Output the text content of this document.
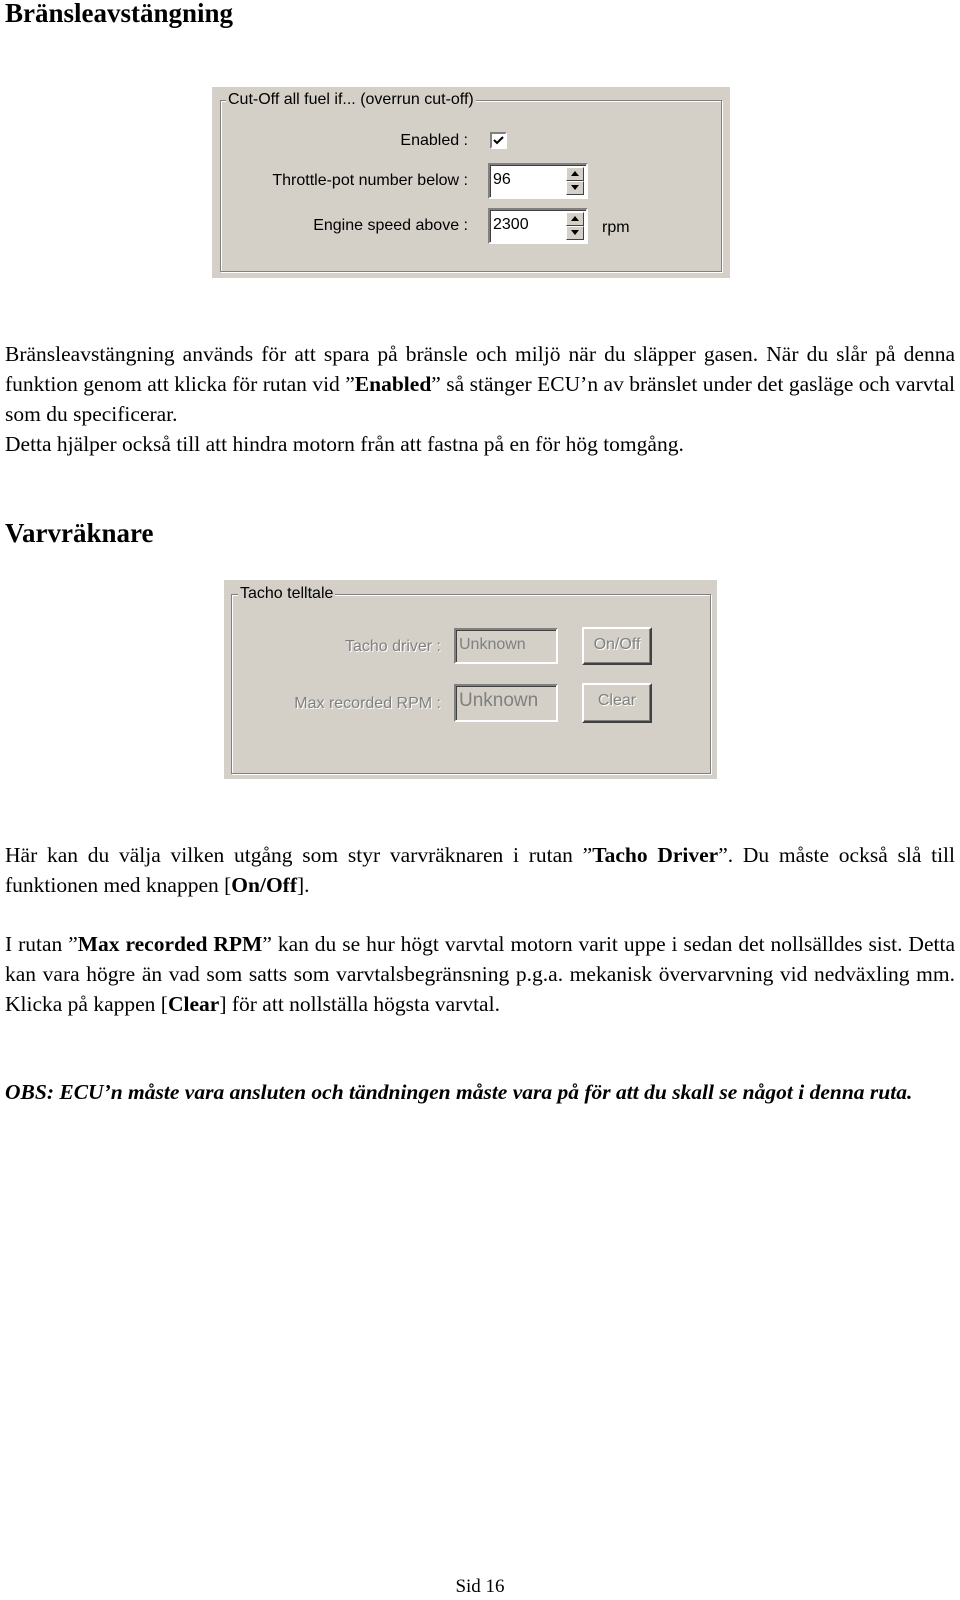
Bränsleavstängning
Cut-Off all fuel if... (overrun cut-off)
Enabled :
Throttle-pot number below :	96
Engine speed above :	2300	rpm

Bränsleavstängning används för att spara på bränsle och miljö när du släpper gasen. När du slår på denna funktion genom att klicka för rutan vid ”Enabled” så stänger ECU’n av bränslet under det gasläge och varvtal som du specificerar.

Detta hjälper också till att hindra motorn från att fastna på en för hög tomgång.

Varvräknare
Tacho telltale
Tacho driver :	Unknown	On/Off
Max recorded RPM : Unknown	Clear

Här kan du välja vilken utgång som styr varvräknaren i rutan ”Tacho Driver”. Du måste också slå till funktionen med knappen [On/Off].

I rutan ”Max recorded RPM” kan du se hur högt varvtal motorn varit uppe i sedan det nollsälldes sist. Detta kan vara högre än vad som satts som varvtalsbegränsning p.g.a. mekanisk övervarvning vid nedväxling mm. Klicka på kappen [Clear] för att nollställa högsta varvtal.

OBS: ECU’n måste vara ansluten och tändningen måste vara på för att du skall se något i denna ruta.

Sid 16
